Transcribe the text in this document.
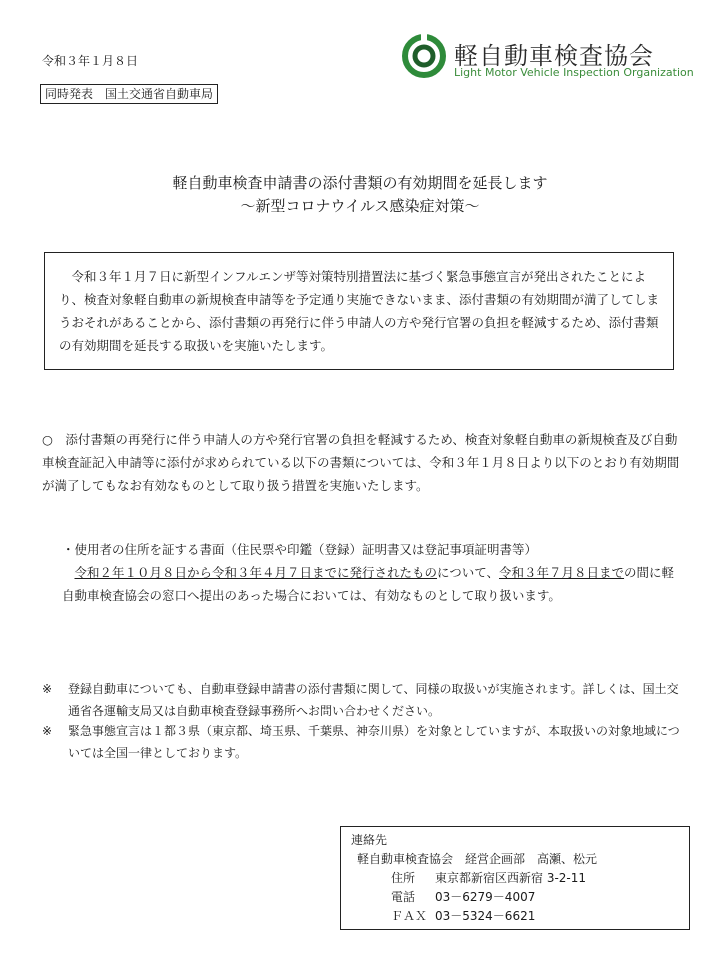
令和３年１月８日
同時発表　国土交通省自動車局
軽自動車検査協会
Light Motor Vehicle Inspection Organization
軽自動車検査申請書の添付書類の有効期間を延長します
～新型コロナウイルス感染症対策～

令和３年１月７日に新型インフルエンザ等対策特別措置法に基づく緊急事態宣言が発出されたことにより、検査対象軽自動車の新規検査申請等を予定通り実施できないまま、添付書類の有効期間が満了してしまうおそれがあることから、添付書類の再発行に伴う申請人の方や発行官署の負担を軽減するため、添付書類の有効期間を延長する取扱いを実施いたします。

○　添付書類の再発行に伴う申請人の方や発行官署の負担を軽減するため、検査対象軽自動車の新規検査及び自動車検査証記入申請等に添付が求められている以下の書類については、令和３年１月８日より以下のとおり有効期間が満了してもなお有効なものとして取り扱う措置を実施いたします。

・使用者の住所を証する書面（住民票や印鑑（登録）証明書又は登記事項証明書等）

令和２年１０月８日から令和３年４月７日までに発行されたものについて、令和３年７月８日までの間に軽自動車検査協会の窓口へ提出のあった場合においては、有効なものとして取り扱います。

※	登録自動車についても、自動車登録申請書の添付書類に関して、同様の取扱いが実施されます。詳しくは、国土交通省各運輸支局又は自動車検査登録事務所へお問い合わせください。
※	緊急事態宣言は１都３県（東京都、埼玉県、千葉県、神奈川県）を対象としていますが、本取扱いの対象地域については全国一律としております。
連絡先
軽自動車検査協会　経営企画部　高瀬、松元
住所 東京都新宿区西新宿 3-2-11
電話 03－6279－4007
ＦＡＸ 03－5324－6621
